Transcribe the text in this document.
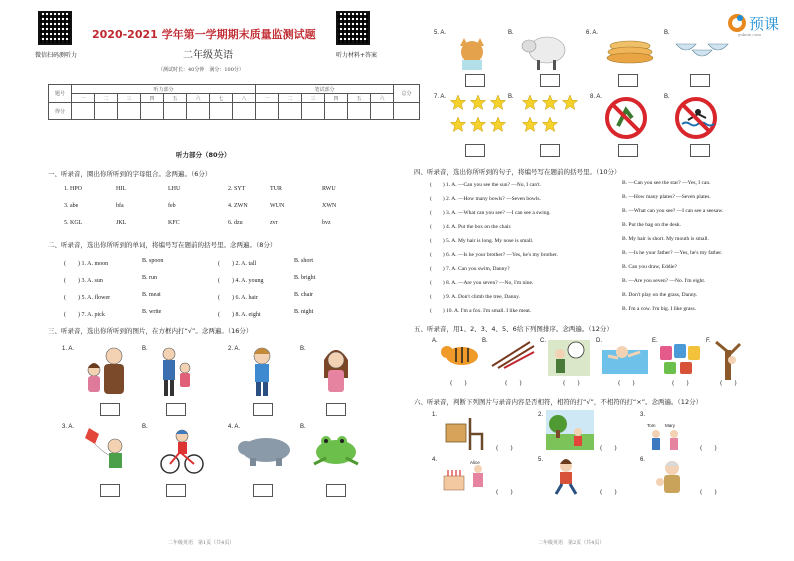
微信扫码测听力	听力材料+答案
2020-2021 学年第一学期期末质量监测试题
二年级英语
（测试时长：40分钟　满分：100分）
题号	听力部分								笔试部分						总分
	一	二	三	四	五	六	七	八	一	二	三	四	五	六	
得分															
听力部分（80分）
一、听录音，圈出你所听到的字母组合。念两遍。（6分）
1. HPO	HIL	LHU	2. SYT	TUR	RWU
3. abe	bfa	feb	4. ZWN	WUN	XWN
5. KGL	JKL	KFC	6. dzu	zvr	bvz
二、听录音，选出你所听到的单词，将编号写在题前的括号里。念两遍。（8分）
(　　) 1. A. moon	B. spoon	(　　) 2. A. tall	B. short
(　　) 3. A. sun	B. run	(　　) 4. A. young	B. bright
(　　) 5. A. flower	B. meat	(　　) 6. A. hair	B. chair
(　　) 7. A. pick	B. write	(　　) 8. A. eight	B. night
三、听录音，选出你所听到的图片，在方框内打“√”。念两遍。（16分）
1. A.	B.	2. A.	B.
3. A.	B.	4. A.	B.
二年级英语　第1页（共4页）
预课
yukeie.com
5. A.	B.	6. A.	B.
7. A.	B.	8. A.	B.
四、听录音，选出你所听到的句子，将编号写在题前的括号里。（10分）
(　　) 1. A. —Can you see the sun? —No, I can't.	B. —Can you see the star? —Yes, I can.
(　　) 2. A. —How many bowls? —Seven bowls.	B. —How many plates? —Seven plates.
(　　) 3. A. —What can you see? —I can see a swing.	B. —What can you see? —I can see a seesaw.
(　　) 4. A. Put the box on the chair.	B. Put the bag on the desk.
(　　) 5. A. My hair is long. My nose is small.	B. My hair is short. My mouth is small.
(　　) 6. A. —Is he your brother? —Yes, he's my brother.	B. —Is he your father? —Yes, he's my father.
(　　) 7. A. Can you swim, Danny?	B. Can you draw, Eddie?
(　　) 8. A. —Are you seven? —No, I'm nine.	B. —Are you seven? —No. I'm eight.
(　　) 9. A. Don't climb the tree, Danny.	B. Don't play on the grass, Danny.
(　　) 10. A. I'm a fox. I'm small. I like meat.	B. I'm a cow. I'm big. I like grass.
五、听录音，用1、2、3、4、5、6给下列图排序。念两遍。（12分）
A.	B.	C.	D.	E.	F.
(　　)	(　　)	(　　)	(　　)	(　　)	(　　)
六、听录音，判断下列图片与录音内容是否相符，相符的打“√”，不相符的打“×”。念两遍。（12分）
1.
(　　)
2.
(　　)
3.
Tom Mary
(　　)
4.	Alice
(　　)
5.
(　　)
6.
(　　)
二年级英语　第2页（共4页）
